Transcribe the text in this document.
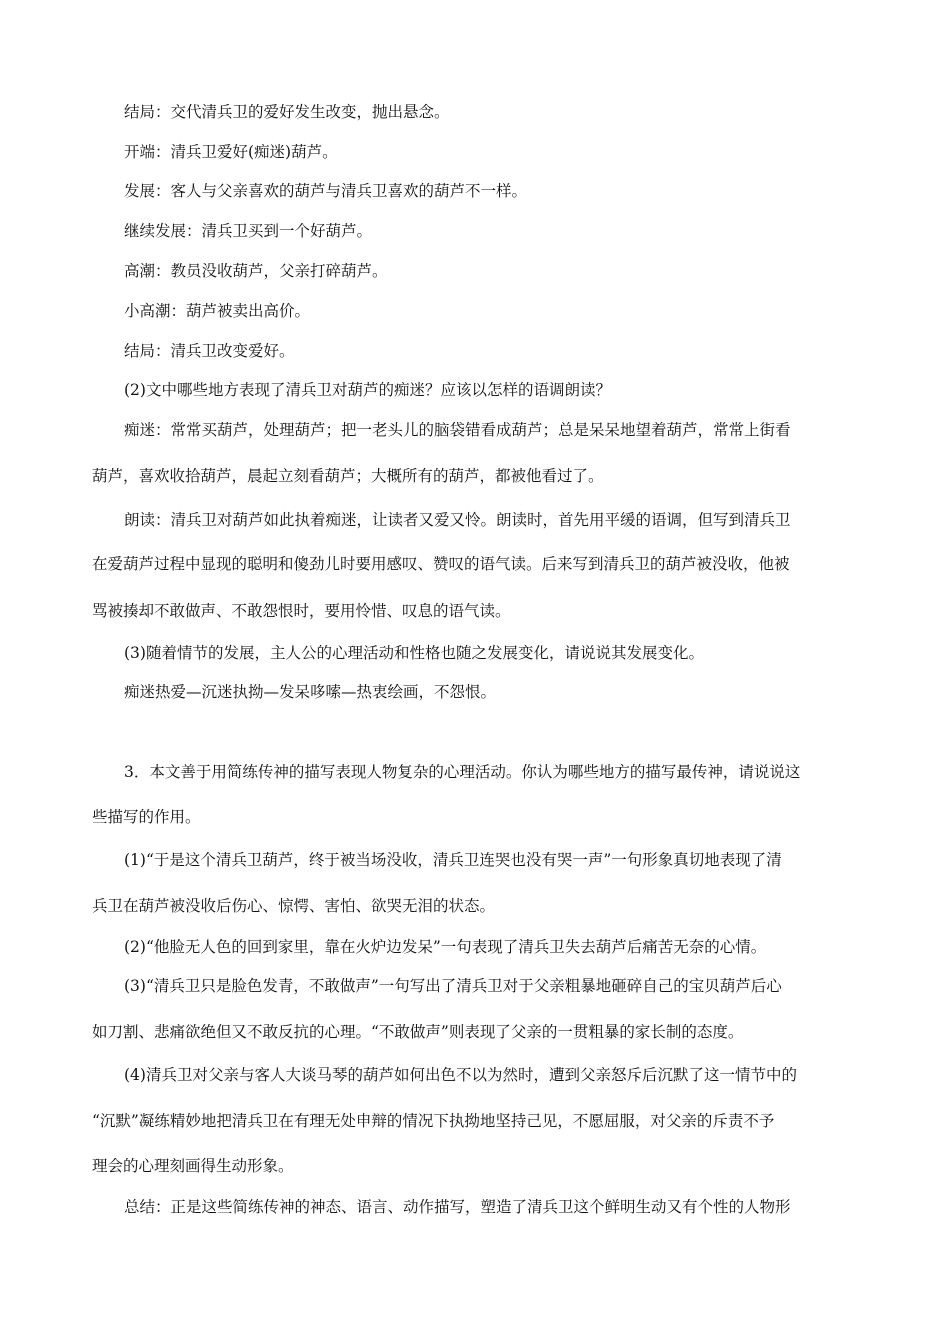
结局：交代清兵卫的爱好发生改变，抛出悬念。
开端：清兵卫爱好(痴迷)葫芦。
发展：客人与父亲喜欢的葫芦与清兵卫喜欢的葫芦不一样。
继续发展：清兵卫买到一个好葫芦。
高潮：教员没收葫芦，父亲打碎葫芦。
小高潮：葫芦被卖出高价。
结局：清兵卫改变爱好。
(2)文中哪些地方表现了清兵卫对葫芦的痴迷？应该以怎样的语调朗读？
痴迷：常常买葫芦，处理葫芦；把一老头儿的脑袋错看成葫芦；总是呆呆地望着葫芦，常常上街看
葫芦，喜欢收拾葫芦，晨起立刻看葫芦；大概所有的葫芦，都被他看过了。
朗读：清兵卫对葫芦如此执着痴迷，让读者又爱又怜。朗读时，首先用平缓的语调，但写到清兵卫
在爱葫芦过程中显现的聪明和傻劲儿时要用感叹、赞叹的语气读。后来写到清兵卫的葫芦被没收，他被
骂被揍却不敢做声、不敢怨恨时，要用怜惜、叹息的语气读。
(3)随着情节的发展，主人公的心理活动和性格也随之发展变化，请说说其发展变化。
痴迷热爱—沉迷执拗—发呆哆嗦—热衷绘画，不怨恨。
3．本文善于用简练传神的描写表现人物复杂的心理活动。你认为哪些地方的描写最传神，请说说这
些描写的作用。
(1)“于是这个清兵卫葫芦，终于被当场没收，清兵卫连哭也没有哭一声”一句形象真切地表现了清
兵卫在葫芦被没收后伤心、惊愕、害怕、欲哭无泪的状态。
(2)“他脸无人色的回到家里，靠在火炉边发呆”一句表现了清兵卫失去葫芦后痛苦无奈的心情。
(3)“清兵卫只是脸色发青，不敢做声”一句写出了清兵卫对于父亲粗暴地砸碎自己的宝贝葫芦后心
如刀割、悲痛欲绝但又不敢反抗的心理。“不敢做声”则表现了父亲的一贯粗暴的家长制的态度。
(4)清兵卫对父亲与客人大谈马琴的葫芦如何出色不以为然时，遭到父亲怒斥后沉默了这一情节中的
“沉默”凝练精妙地把清兵卫在有理无处申辩的情况下执拗地坚持己见，不愿屈服，对父亲的斥责不予
理会的心理刻画得生动形象。
总结：正是这些简练传神的神态、语言、动作描写，塑造了清兵卫这个鲜明生动又有个性的人物形
